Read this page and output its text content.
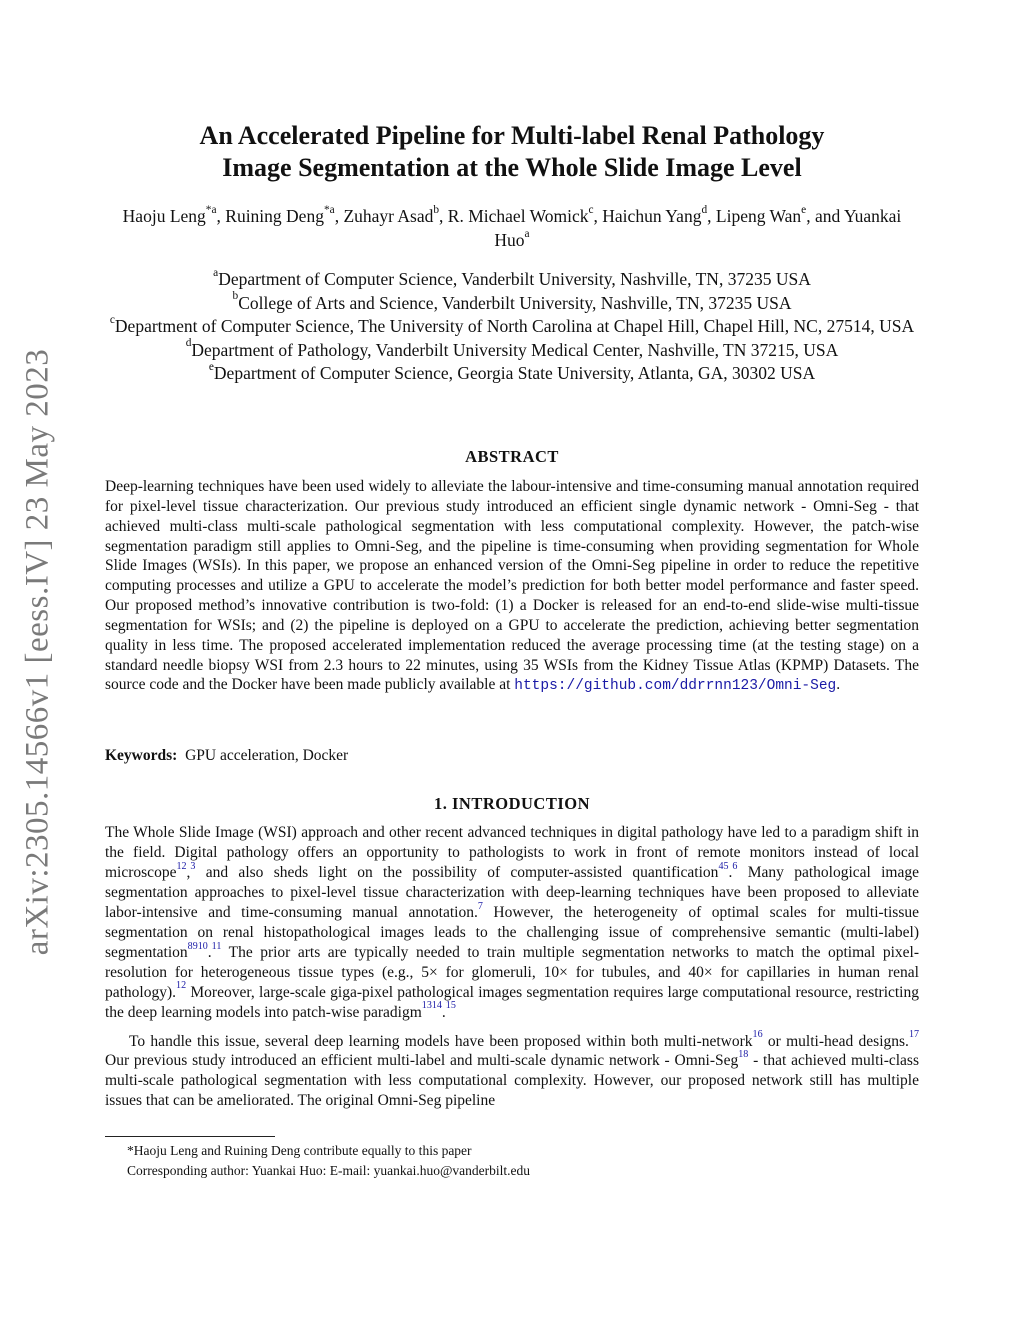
arXiv:2305.14566v1 [eess.IV] 23 May 2023
An Accelerated Pipeline for Multi-label Renal Pathology
Image Segmentation at the Whole Slide Image Level
Haoju Leng$^{*a}$, Ruining Deng$^{*a}$, Zuhayr Asad$^b$, R. Michael Womick$^c$, Haichun Yang$^d$, Lipeng Wan$^e$, and Yuankai Huo$^a$
$^a$Department of Computer Science, Vanderbilt University, Nashville, TN, 37235 USA
$^b$College of Arts and Science, Vanderbilt University, Nashville, TN, 37235 USA
$^c$Department of Computer Science, The University of North Carolina at Chapel Hill, Chapel Hill, NC, 27514, USA
$^d$Department of Pathology, Vanderbilt University Medical Center, Nashville, TN 37215, USA
$^e$Department of Computer Science, Georgia State University, Atlanta, GA, 30302 USA
ABSTRACT
Deep-learning techniques have been used widely to alleviate the labour-intensive and time-consuming manual annotation required for pixel-level tissue characterization. Our previous study introduced an efficient single dynamic network - Omni-Seg - that achieved multi-class multi-scale pathological segmentation with less computational complexity. However, the patch-wise segmentation paradigm still applies to Omni-Seg, and the pipeline is time-consuming when providing segmentation for Whole Slide Images (WSIs). In this paper, we propose an enhanced version of the Omni-Seg pipeline in order to reduce the repetitive computing processes and utilize a GPU to accelerate the model’s prediction for both better model performance and faster speed. Our proposed method’s innovative contribution is two-fold: (1) a Docker is released for an end-to-end slide-wise multi-tissue segmentation for WSIs; and (2) the pipeline is deployed on a GPU to accelerate the prediction, achieving better segmentation quality in less time. The proposed accelerated implementation reduced the average processing time (at the testing stage) on a standard needle biopsy WSI from 2.3 hours to 22 minutes, using 35 WSIs from the Kidney Tissue Atlas (KPMP) Datasets. The source code and the Docker have been made publicly available at https://github.com/ddrrnn123/Omni-Seg.
Keywords: GPU acceleration, Docker
1. INTRODUCTION

The Whole Slide Image (WSI) approach and other recent advanced techniques in digital pathology have led to a paradigm shift in the field. Digital pathology offers an opportunity to pathologists to work in front of remote monitors instead of local microscope$^{12}$,$^3$ and also sheds light on the possibility of computer-assisted quantification$^{45}$.$^6$ Many pathological image segmentation approaches to pixel-level tissue characterization with deep-learning techniques have been proposed to alleviate labor-intensive and time-consuming manual annotation.$^7$ However, the heterogeneity of optimal scales for multi-tissue segmentation on renal histopathological images leads to the challenging issue of comprehensive semantic (multi-label) segmentation$^{8910}$.$^{11}$ The prior arts are typically needed to train multiple segmentation networks to match the optimal pixel-resolution for heterogeneous tissue types (e.g., 5× for glomeruli, 10× for tubules, and 40× for capillaries in human renal pathology).$^{12}$ Moreover, large-scale giga-pixel pathological images segmentation requires large computational resource, restricting the deep learning models into patch-wise paradigm$^{1314}$.$^{15}$

To handle this issue, several deep learning models have been proposed within both multi-network$^{16}$ or multi-head designs.$^{17}$ Our previous study introduced an efficient multi-label and multi-scale dynamic network - Omni-Seg$^{18}$ - that achieved multi-class multi-scale pathological segmentation with less computational complexity. However, our proposed network still has multiple issues that can be ameliorated. The original Omni-Seg pipeline

*Haoju Leng and Ruining Deng contribute equally to this paper
Corresponding author: Yuankai Huo: E-mail: yuankai.huo@vanderbilt.edu
